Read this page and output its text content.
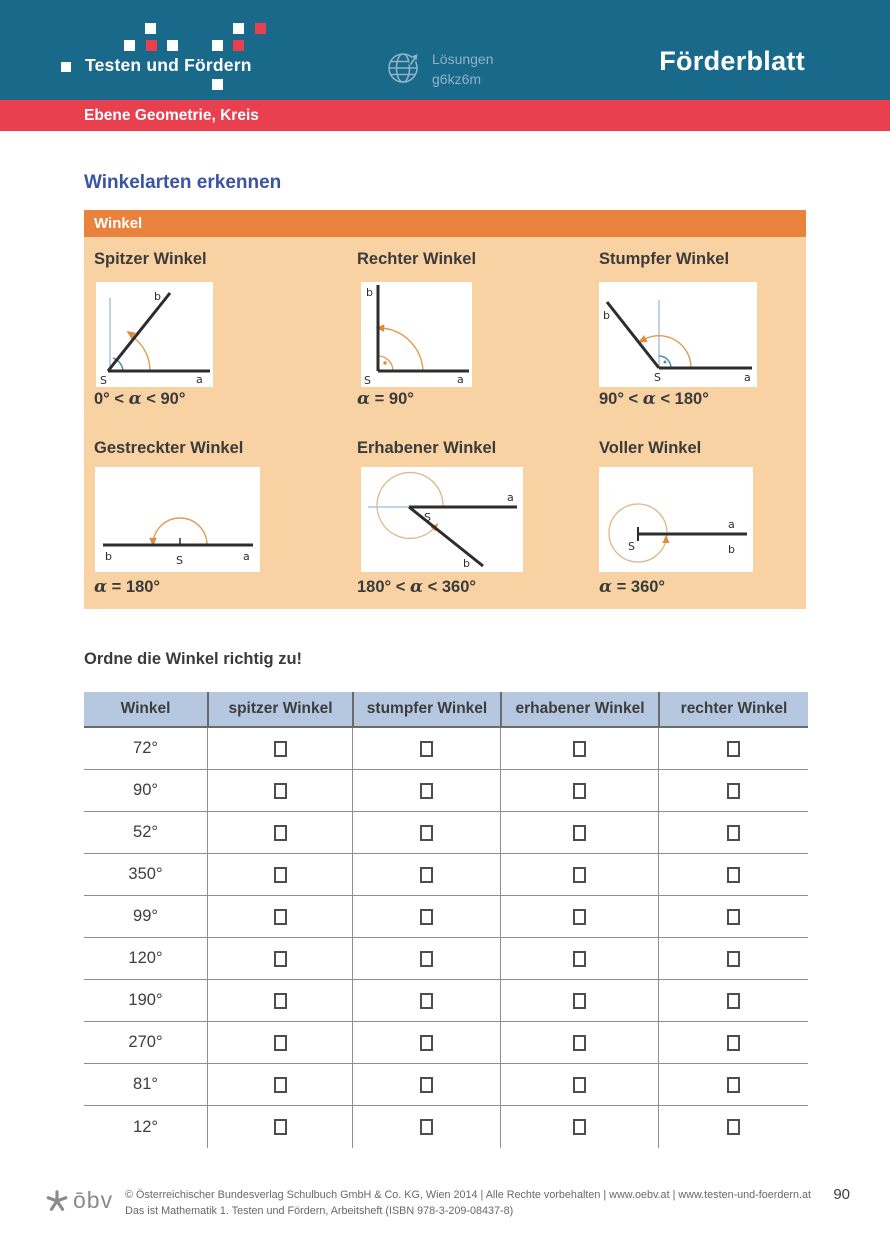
Testen und Fördern	Lösungen
g6kz6m
Förderblatt
Ebene Geometrie, Kreis
Winkelarten erkennen
Winkel
Spitzer Winkel
b
S	a
0° < α < 90°
Rechter Winkel
b
S	a
α = 90°
Stumpfer Winkel
b
S	a
90° < α < 180°
Gestreckter Winkel
b	S	a
α = 180°
a
S
b
Erhabener Winkel
180° < α < 360°
Voller Winkel
S
a
b
α = 360°
Ordne die Winkel richtig zu!
Winkel	spitzer Winkel	stumpfer Winkel	erhabener Winkel	rechter Winkel
72°
90°
52°
350°
99°
120°
190°
270°
81°
12°
ōbv © Österreichischer Bundesverlag Schulbuch GmbH & Co. KG, Wien 2014 | Alle Rechte vorbehalten | www.oebv.at | www.testen-und-foerdern.at
Das ist Mathematik 1. Testen und Fördern, Arbeitsheft (ISBN 978-3-209-08437-8)
90
